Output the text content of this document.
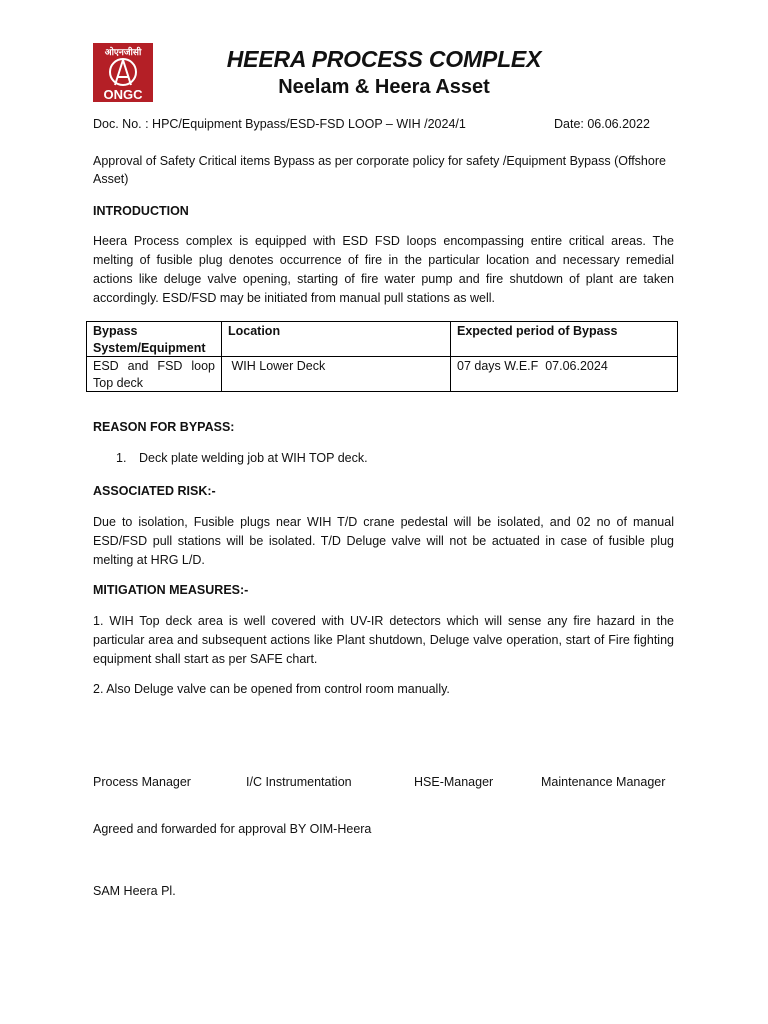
ओएनजीसी
ONGC
HEERA PROCESS COMPLEX
Neelam & Heera Asset
Doc. No. : HPC/Equipment Bypass/ESD-FSD LOOP – WIH /2024/1	Date: 06.06.2022
Approval of Safety Critical items Bypass as per corporate policy for safety /Equipment Bypass (Offshore Asset)
INTRODUCTION
Heera Process complex is equipped with ESD FSD loops encompassing entire critical areas. The melting of fusible plug denotes occurrence of fire in the particular location and necessary remedial actions like deluge valve opening, starting of fire water pump and fire shutdown of plant are taken accordingly. ESD/FSD may be initiated from manual pull stations as well.
Bypass System/Equipment	Location	Expected period of Bypass
ESD and FSD loop Top deck	WIH Lower Deck	07 days W.E.F  07.06.2024
REASON FOR BYPASS:
1. Deck plate welding job at WIH TOP deck.
ASSOCIATED RISK:-
Due to isolation, Fusible plugs near WIH T/D crane pedestal will be isolated, and 02 no of manual ESD/FSD pull stations will be isolated. T/D Deluge valve will not be actuated in case of fusible plug melting at HRG L/D.
MITIGATION MEASURES:-
1. WIH Top deck area is well covered with UV-IR detectors which will sense any fire hazard in the particular area and subsequent actions like Plant shutdown, Deluge valve operation, start of Fire fighting equipment shall start as per SAFE chart.
2. Also Deluge valve can be opened from control room manually.
Process Manager	I/C Instrumentation	HSE-Manager	Maintenance Manager
Agreed and forwarded for approval BY OIM-Heera
SAM Heera Pl.
